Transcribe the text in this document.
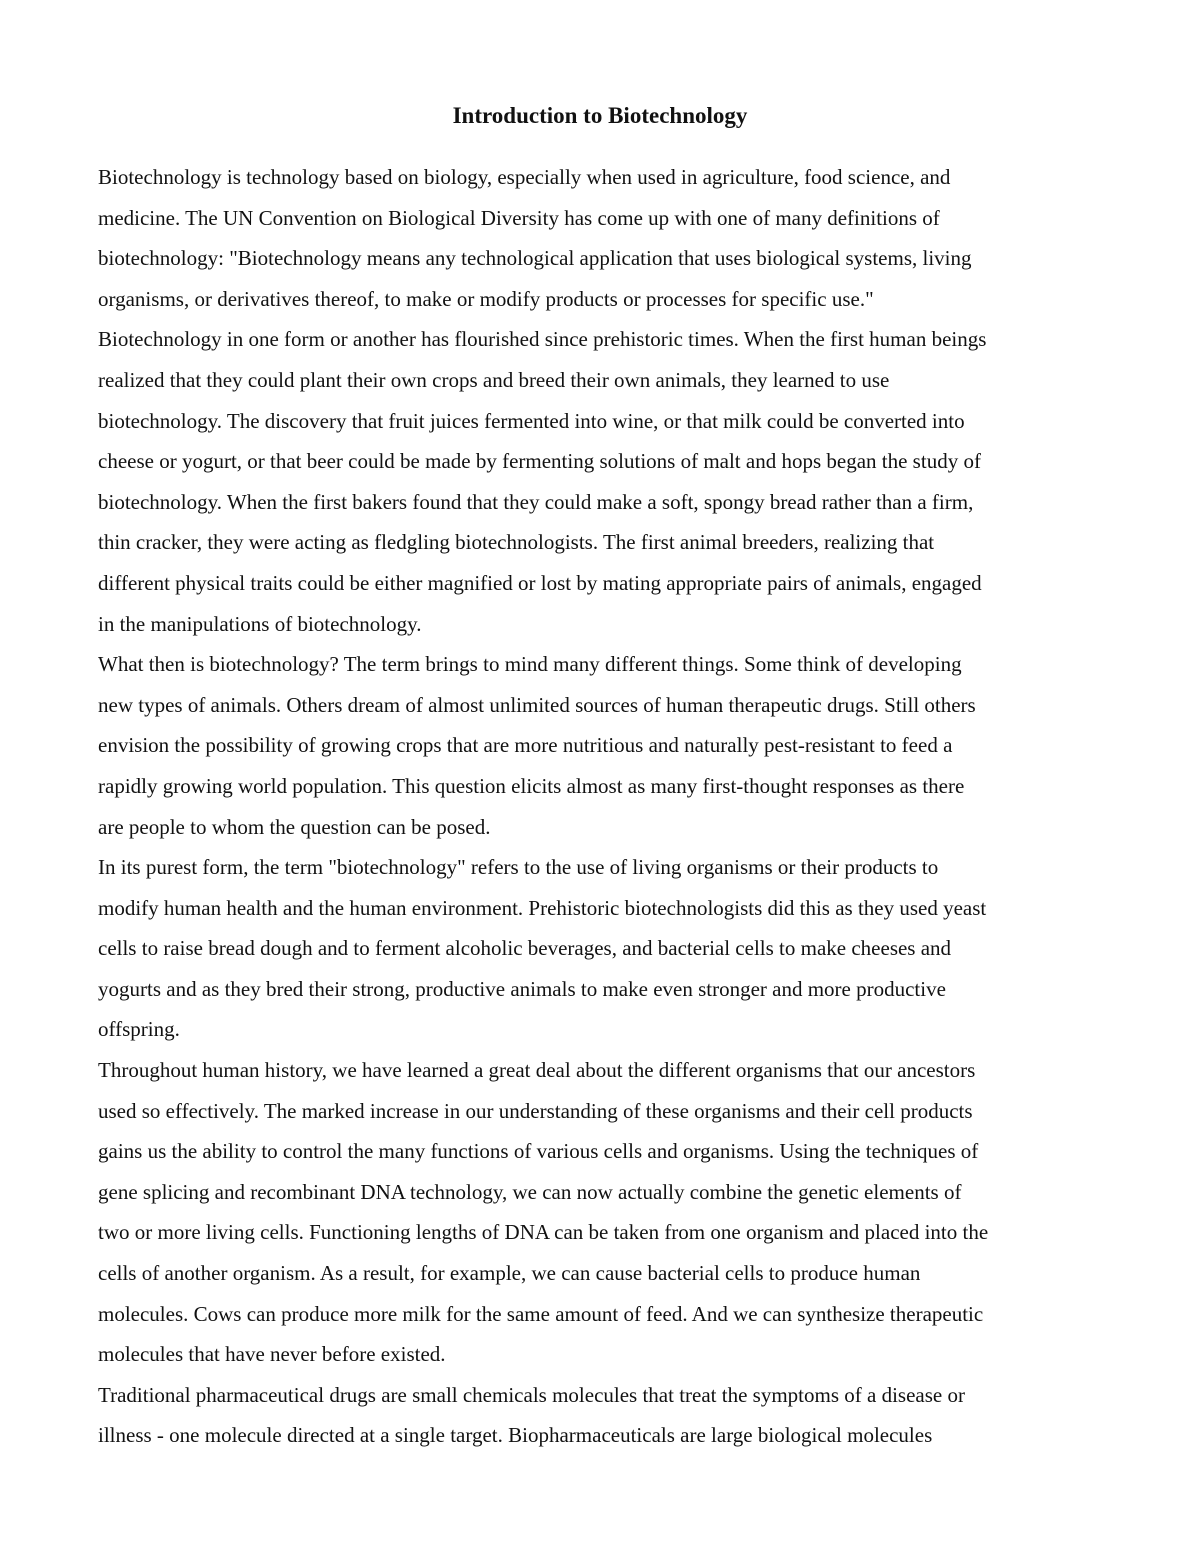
Introduction to Biotechnology
Biotechnology is technology based on biology, especially when used in agriculture, food science, and
medicine. The UN Convention on Biological Diversity has come up with one of many definitions of
biotechnology: "Biotechnology means any technological application that uses biological systems, living
organisms, or derivatives thereof, to make or modify products or processes for specific use."
Biotechnology in one form or another has flourished since prehistoric times. When the first human beings
realized that they could plant their own crops and breed their own animals, they learned to use
biotechnology. The discovery that fruit juices fermented into wine, or that milk could be converted into
cheese or yogurt, or that beer could be made by fermenting solutions of malt and hops began the study of
biotechnology. When the first bakers found that they could make a soft, spongy bread rather than a firm,
thin cracker, they were acting as fledgling biotechnologists. The first animal breeders, realizing that
different physical traits could be either magnified or lost by mating appropriate pairs of animals, engaged
in the manipulations of biotechnology.
What then is biotechnology? The term brings to mind many different things. Some think of developing
new types of animals. Others dream of almost unlimited sources of human therapeutic drugs. Still others
envision the possibility of growing crops that are more nutritious and naturally pest-resistant to feed a
rapidly growing world population. This question elicits almost as many first-thought responses as there
are people to whom the question can be posed.
In its purest form, the term "biotechnology" refers to the use of living organisms or their products to
modify human health and the human environment. Prehistoric biotechnologists did this as they used yeast
cells to raise bread dough and to ferment alcoholic beverages, and bacterial cells to make cheeses and
yogurts and as they bred their strong, productive animals to make even stronger and more productive
offspring.
Throughout human history, we have learned a great deal about the different organisms that our ancestors
used so effectively. The marked increase in our understanding of these organisms and their cell products
gains us the ability to control the many functions of various cells and organisms. Using the techniques of
gene splicing and recombinant DNA technology, we can now actually combine the genetic elements of
two or more living cells. Functioning lengths of DNA can be taken from one organism and placed into the
cells of another organism. As a result, for example, we can cause bacterial cells to produce human
molecules. Cows can produce more milk for the same amount of feed. And we can synthesize therapeutic
molecules that have never before existed.
Traditional pharmaceutical drugs are small chemicals molecules that treat the symptoms of a disease or
illness - one molecule directed at a single target. Biopharmaceuticals are large biological molecules
